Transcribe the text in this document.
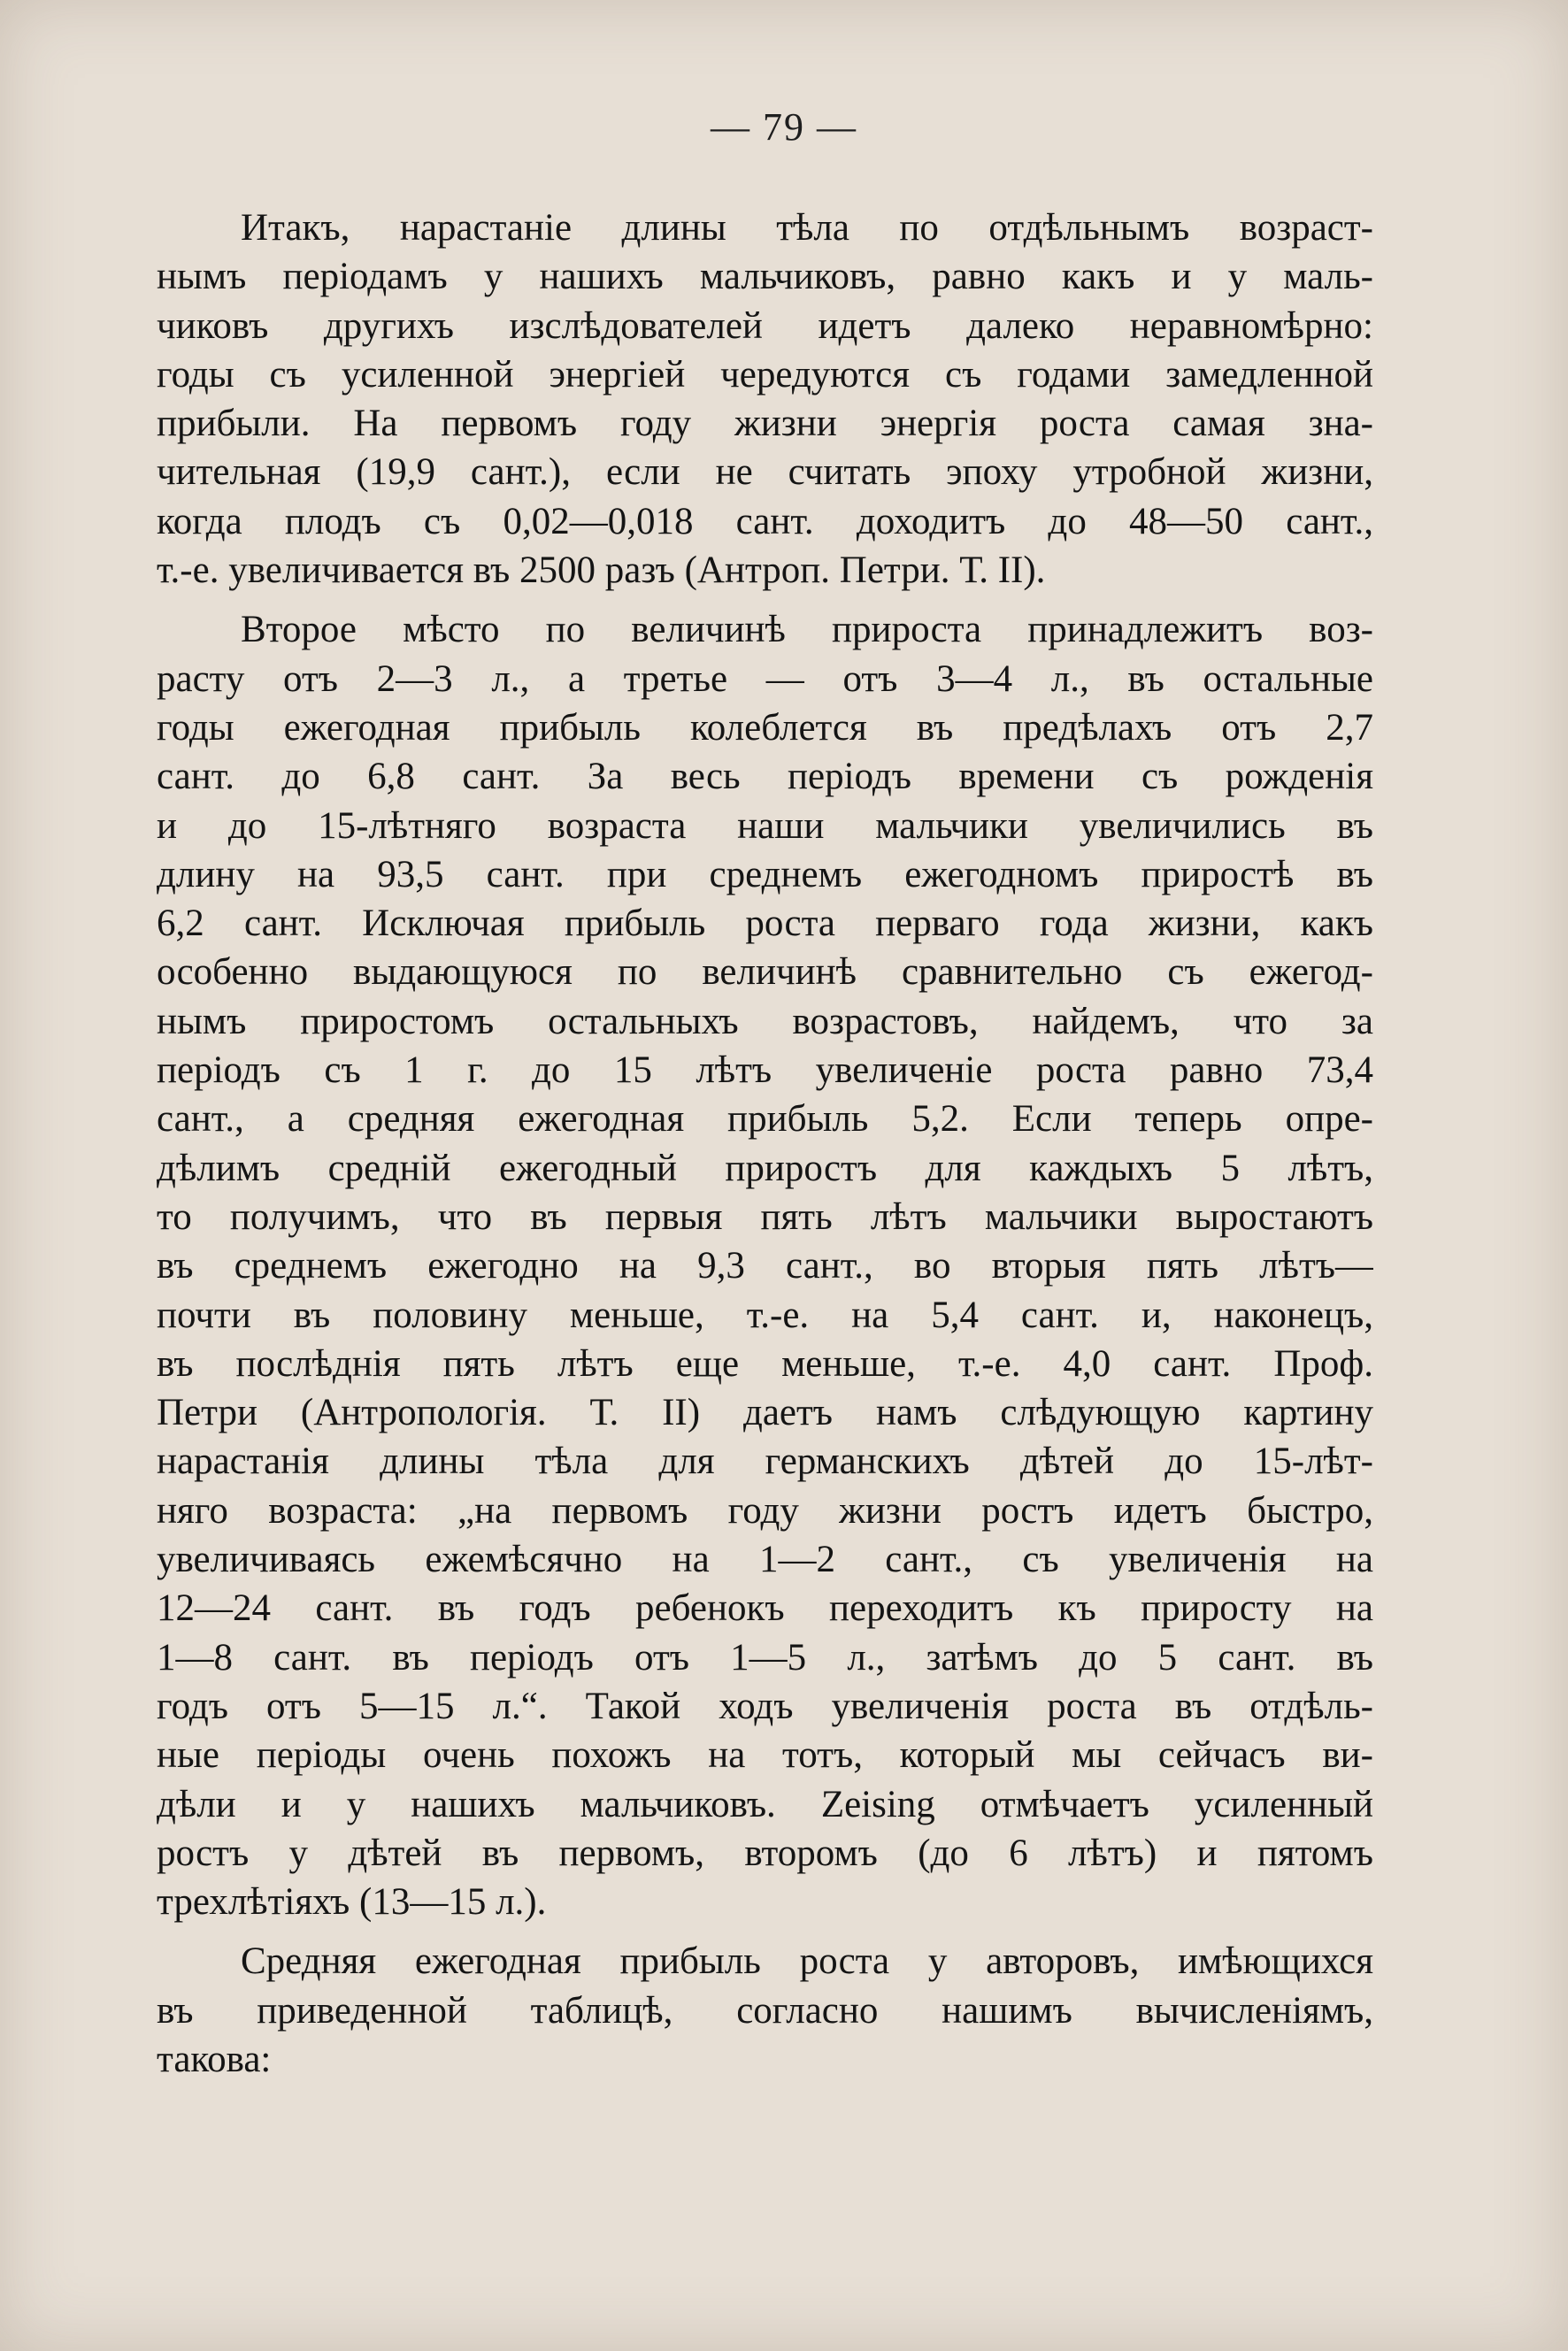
— 79 —
Итакъ, нарастаніе длины тѣла по отдѣльнымъ возраст-
нымъ періодамъ у нашихъ мальчиковъ, равно какъ и у маль-
чиковъ другихъ изслѣдователей идетъ далеко неравномѣрно:
годы съ усиленной энергіей чередуются съ годами замедленной
прибыли. На первомъ году жизни энергія роста самая зна-
чительная (19,9 сант.), если не считать эпоху утробной жизни,
когда плодъ съ 0,02—0,018 сант. доходитъ до 48—50 сант.,
т.-е. увеличивается въ 2500 разъ (Антроп. Петри. Т. II).
Второе мѣсто по величинѣ прироста принадлежитъ воз-
расту отъ 2—3 л., а третье — отъ 3—4 л., въ остальные
годы ежегодная прибыль колеблется въ предѣлахъ отъ 2,7
сант. до 6,8 сант. За весь періодъ времени съ рожденія
и до 15-лѣтняго возраста наши мальчики увеличились въ
длину на 93,5 сант. при среднемъ ежегодномъ приростѣ въ
6,2 сант. Исключая прибыль роста перваго года жизни, какъ
особенно выдающуюся по величинѣ сравнительно съ ежегод-
нымъ приростомъ остальныхъ возрастовъ, найдемъ, что за
періодъ съ 1 г. до 15 лѣтъ увеличеніе роста равно 73,4
сант., а средняя ежегодная прибыль 5,2. Если теперь опре-
дѣлимъ среднiй ежегодный приростъ для каждыхъ 5 лѣтъ,
то получимъ, что въ первыя пять лѣтъ мальчики выростаютъ
въ среднемъ ежегодно на 9,3 сант., во вторыя пять лѣтъ—
почти въ половину меньше, т.-е. на 5,4 сант. и, наконецъ,
въ послѣднія пять лѣтъ еще меньше, т.-е. 4,0 сант. Проф.
Петри (Антропологія. Т. II) даетъ намъ слѣдующую картину
нарастанія длины тѣла для германскихъ дѣтей до 15-лѣт-
няго возраста: „на первомъ году жизни ростъ идетъ быстро,
увеличиваясь ежемѣсячно на 1—2 сант., съ увеличенія на
12—24 сант. въ годъ ребенокъ переходитъ къ приросту на
1—8 сант. въ періодъ отъ 1—5 л., затѣмъ до 5 сант. въ
годъ отъ 5—15 л.“. Такой ходъ увеличенія роста въ отдѣль-
ные періоды очень похожъ на тотъ, который мы сейчасъ ви-
дѣли и у нашихъ мальчиковъ. Zeising отмѣчаетъ усиленный
ростъ у дѣтей въ первомъ, второмъ (до 6 лѣтъ) и пятомъ
трехлѣтіяхъ (13—15 л.).
Средняя ежегодная прибыль роста у авторовъ, имѣющихся
въ приведенной таблицѣ, согласно нашимъ вычисленіямъ,
такова:
